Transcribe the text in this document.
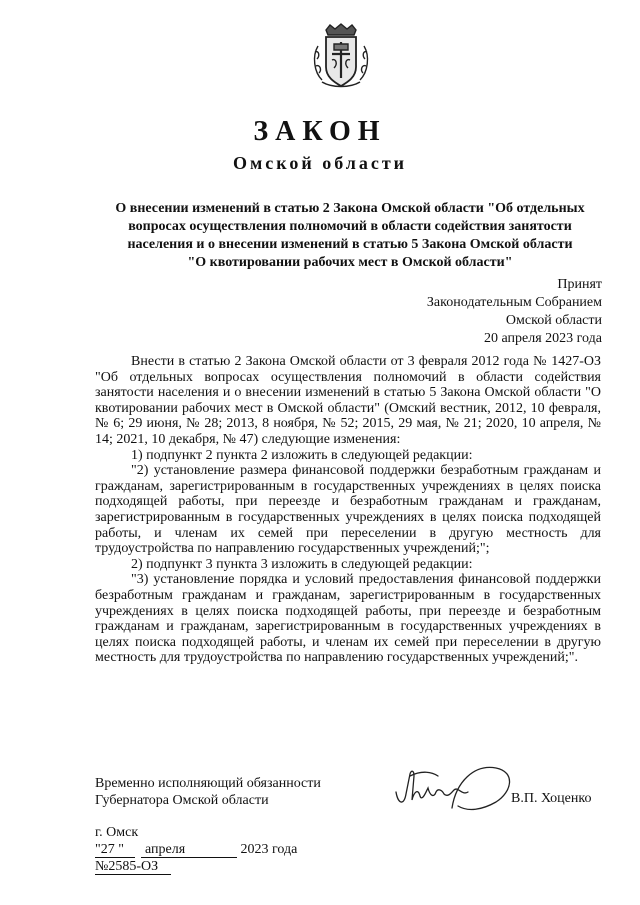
ЗАКОН
Омской области
О внесении изменений в статью 2 Закона Омской области "Об отдельных
вопросах осуществления полномочий в области содействия занятости
населения и о внесении изменений в статью 5 Закона Омской области
"О квотировании рабочих мест в Омской области"
Принят
Законодательным Собранием
Омской области
20 апреля 2023 года

Внести в статью 2 Закона Омской области от 3 февраля 2012 года № 1427-ОЗ "Об отдельных вопросах осуществления полномочий в области содействия занятости населения и о внесении изменений в статью 5 Закона Омской области "О квотировании рабочих мест в Омской области" (Омский вестник, 2012, 10 февраля, № 6; 29 июня, № 28; 2013, 8 ноября, № 52; 2015, 29 мая, № 21; 2020, 10 апреля, № 14; 2021, 10 декабря, № 47) следующие изменения:

1) подпункт 2 пункта 2 изложить в следующей редакции:

"2) установление размера финансовой поддержки безработным гражданам и гражданам, зарегистрированным в государственных учреждениях в целях поиска подходящей работы, при переезде и безработным гражданам и гражданам, зарегистрированным в государственных учреждениях в целях поиска подходящей работы, и членам их семей при переселении в другую местность для трудоустройства по направлению государственных учреждений;";

2) подпункт 3 пункта 3 изложить в следующей редакции:

"3) установление порядка и условий предоставления финансовой поддержки безработным гражданам и гражданам, зарегистрированным в государственных учреждениях в целях поиска подходящей работы, при переезде и безработным гражданам и гражданам, зарегистрированным в государственных учреждениях в целях поиска подходящей работы, и членам их семей при переселении в другую местность для трудоустройства по направлению государственных учреждений;".

Временно исполняющий обязанности
Губернатора Омской области	В.П. Хоценко
г. Омск
"27 " апреля	2023 года
№2585-ОЗ
